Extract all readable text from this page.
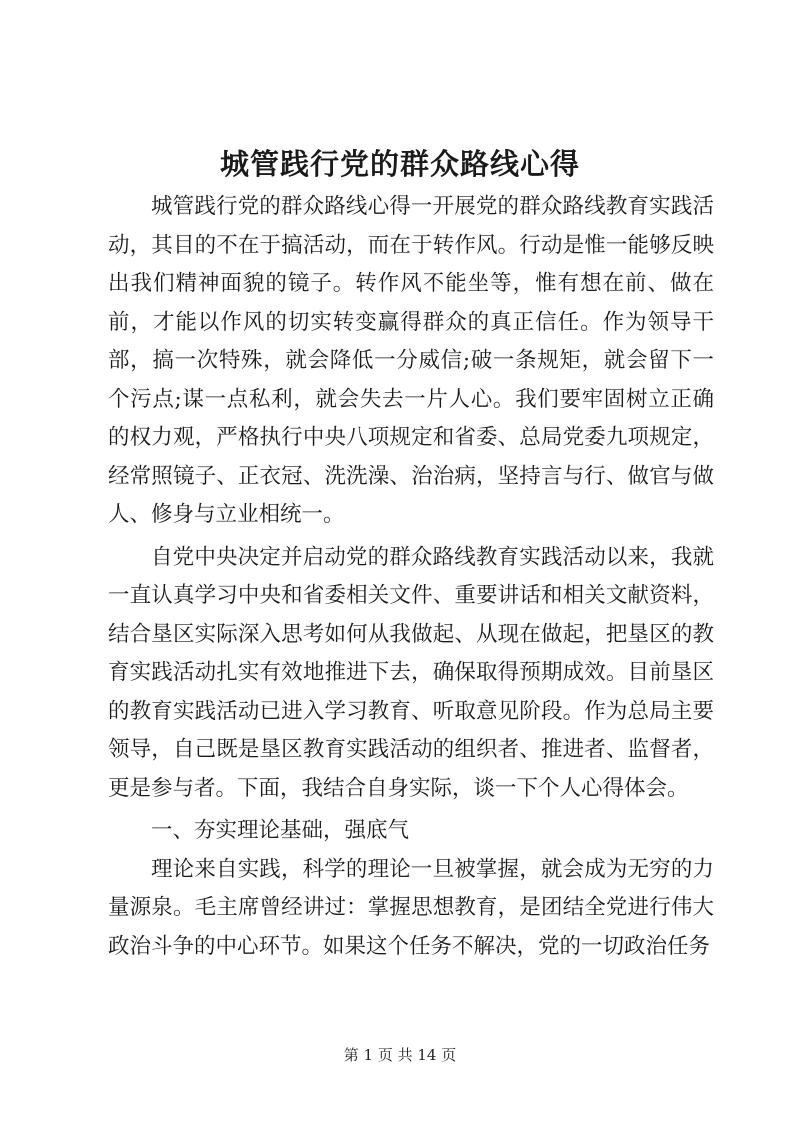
城管践行党的群众路线心得

城管践行党的群众路线心得一开展党的群众路线教育实践活动，其目的不在于搞活动，而在于转作风。行动是惟一能够反映出我们精神面貌的镜子。转作风不能坐等，惟有想在前、做在前，才能以作风的切实转变赢得群众的真正信任。作为领导干部，搞一次特殊，就会降低一分威信;破一条规矩，就会留下一个污点;谋一点私利，就会失去一片人心。我们要牢固树立正确的权力观，严格执行中央八项规定和省委、总局党委九项规定，经常照镜子、正衣冠、洗洗澡、治治病，坚持言与行、做官与做人、修身与立业相统一。

自党中央决定并启动党的群众路线教育实践活动以来，我就一直认真学习中央和省委相关文件、重要讲话和相关文献资料，结合垦区实际深入思考如何从我做起、从现在做起，把垦区的教育实践活动扎实有效地推进下去，确保取得预期成效。目前垦区的教育实践活动已进入学习教育、听取意见阶段。作为总局主要领导，自己既是垦区教育实践活动的组织者、推进者、监督者，更是参与者。下面，我结合自身实际，谈一下个人心得体会。

一、夯实理论基础，强底气

理论来自实践，科学的理论一旦被掌握，就会成为无穷的力量源泉。毛主席曾经讲过：掌握思想教育，是团结全党进行伟大政治斗争的中心环节。如果这个任务不解决，党的一切政治任务

第 1 页 共 14 页
